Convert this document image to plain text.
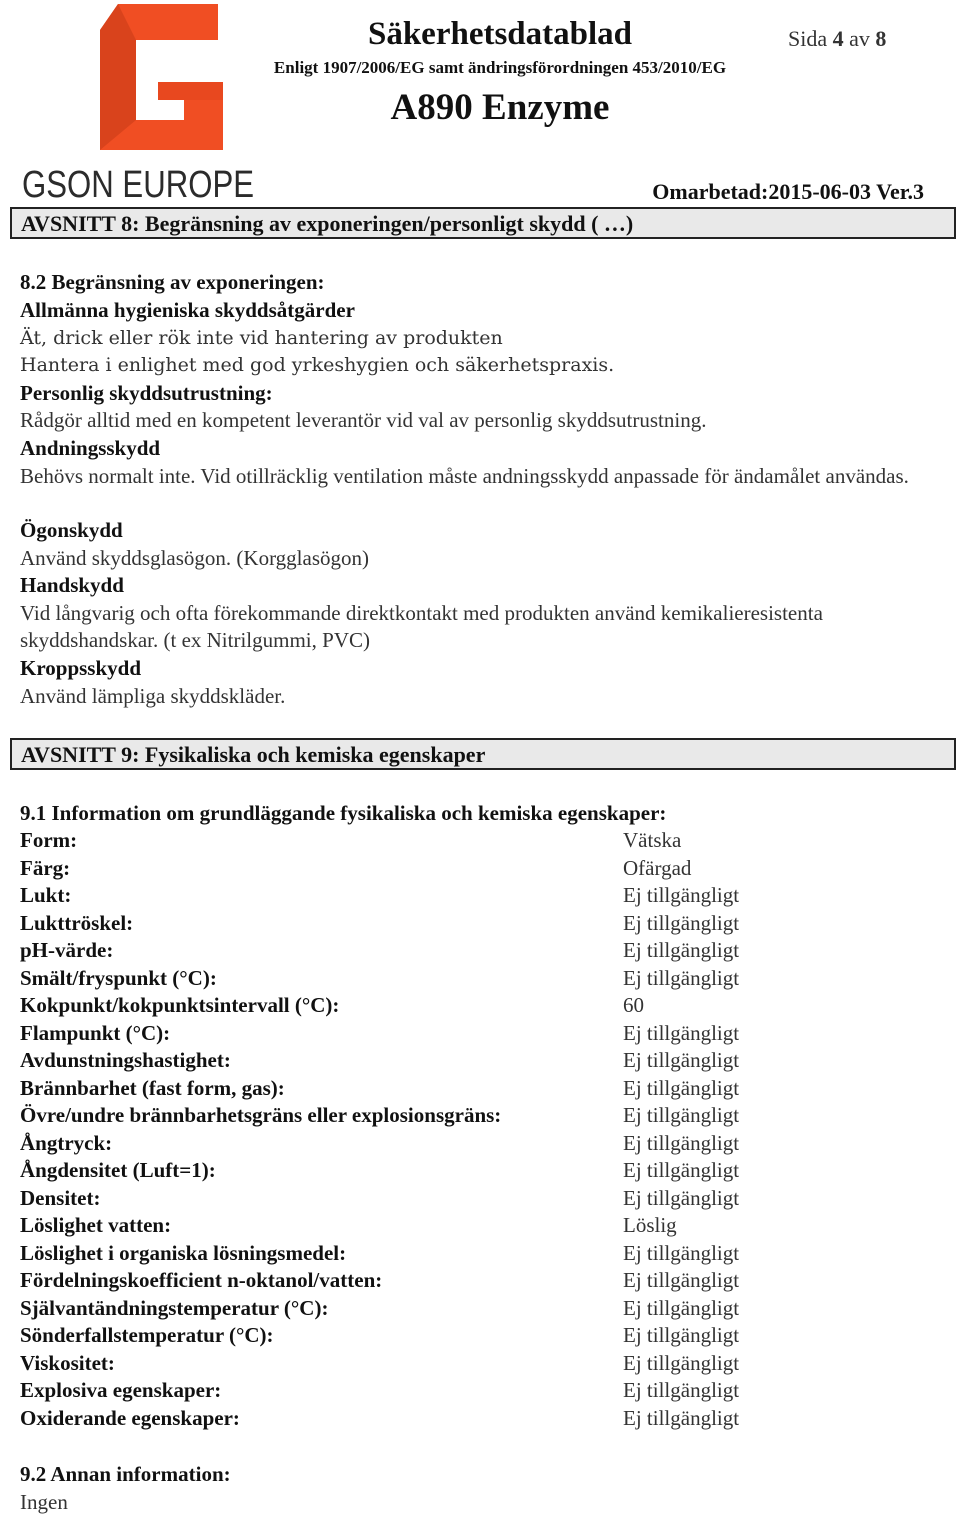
GSON EUROPE
Säkerhetsdatablad	Sida 4 av 8
Enligt 1907/2006/EG samt ändringsförordningen 453/2010/EG
A890 Enzyme
Omarbetad:2015-06-03 Ver.3
AVSNITT 8: Begränsning av exponeringen/personligt skydd ( …)
8.2 Begränsning av exponeringen:
Allmänna hygieniska skyddsåtgärder
Ät, drick eller rök inte vid hantering av produkten
Hantera i enlighet med god yrkeshygien och säkerhetspraxis.
Personlig skyddsutrustning:
Rådgör alltid med en kompetent leverantör vid val av personlig skyddsutrustning.
Andningsskydd
Behövs normalt inte. Vid otillräcklig ventilation måste andningsskydd anpassade för ändamålet användas.
Ögonskydd
Använd skyddsglasögon. (Korgglasögon)
Handskydd
Vid långvarig och ofta förekommande direktkontakt med produkten använd kemikalieresistenta skyddshandskar. (t ex Nitrilgummi, PVC)
Kroppsskydd
Använd lämpliga skyddskläder.
AVSNITT 9: Fysikaliska och kemiska egenskaper
9.1 Information om grundläggande fysikaliska och kemiska egenskaper:
Form:	Vätska
Färg:	Ofärgad
Lukt:	Ej tillgängligt
Lukttröskel:	Ej tillgängligt
pH-värde:	Ej tillgängligt
Smält/fryspunkt (°C):	Ej tillgängligt
Kokpunkt/kokpunktsintervall (°C):	60
Flampunkt (°C):	Ej tillgängligt
Avdunstningshastighet:	Ej tillgängligt
Brännbarhet (fast form, gas):	Ej tillgängligt
Övre/undre brännbarhetsgräns eller explosionsgräns:	Ej tillgängligt
Ångtryck:	Ej tillgängligt
Ångdensitet (Luft=1):	Ej tillgängligt
Densitet:	Ej tillgängligt
Löslighet vatten:	Löslig
Löslighet i organiska lösningsmedel:	Ej tillgängligt
Fördelningskoefficient n-oktanol/vatten:	Ej tillgängligt
Självantändningstemperatur (°C):	Ej tillgängligt
Sönderfallstemperatur (°C):	Ej tillgängligt
Viskositet:	Ej tillgängligt
Explosiva egenskaper:	Ej tillgängligt
Oxiderande egenskaper:	Ej tillgängligt
9.2 Annan information:
Ingen
